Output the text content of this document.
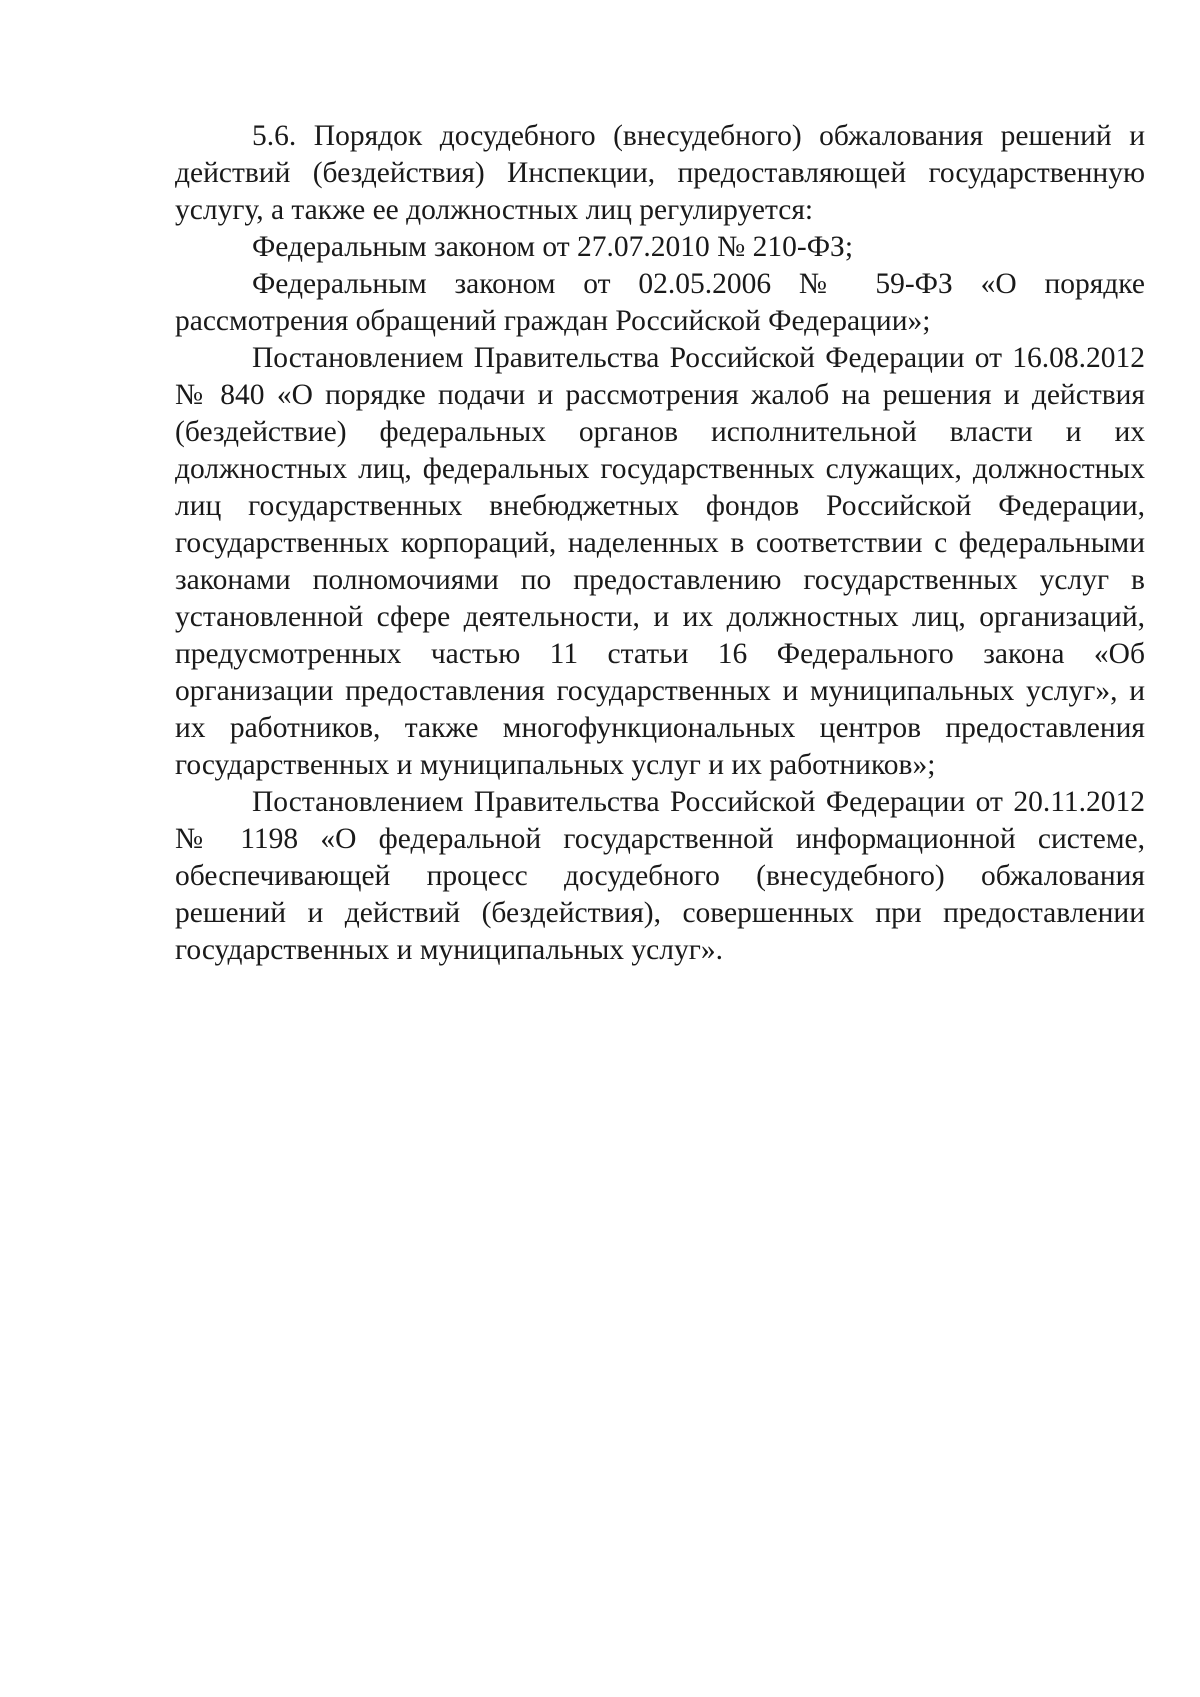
5.6. Порядок досудебного (внесудебного) обжалования решений и действий (бездействия) Инспекции, предоставляющей государственную услугу, а также ее должностных лиц регулируется:

Федеральным законом от 27.07.2010 № 210-ФЗ;

Федеральным законом от 02.05.2006 № 59-ФЗ «О порядке рассмотрения обращений граждан Российской Федерации»;

Постановлением Правительства Российской Федерации от 16.08.2012 № 840 «О порядке подачи и рассмотрения жалоб на решения и действия (бездействие) федеральных органов исполнительной власти и их должностных лиц, федеральных государственных служащих, должностных лиц государственных внебюджетных фондов Российской Федерации, государственных корпораций, наделенных в соответствии с федеральными законами полномочиями по предоставлению государственных услуг в установленной сфере деятельности, и их должностных лиц, организаций, предусмотренных частью 11 статьи 16 Федерального закона «Об организации предоставления государственных и муниципальных услуг», и их работников, также многофункциональных центров предоставления государственных и муниципальных услуг и их работников»;

Постановлением Правительства Российской Федерации от 20.11.2012 № 1198 «О федеральной государственной информационной системе, обеспечивающей процесс досудебного (внесудебного) обжалования решений и действий (бездействия), совершенных при предоставлении государственных и муниципальных услуг».
